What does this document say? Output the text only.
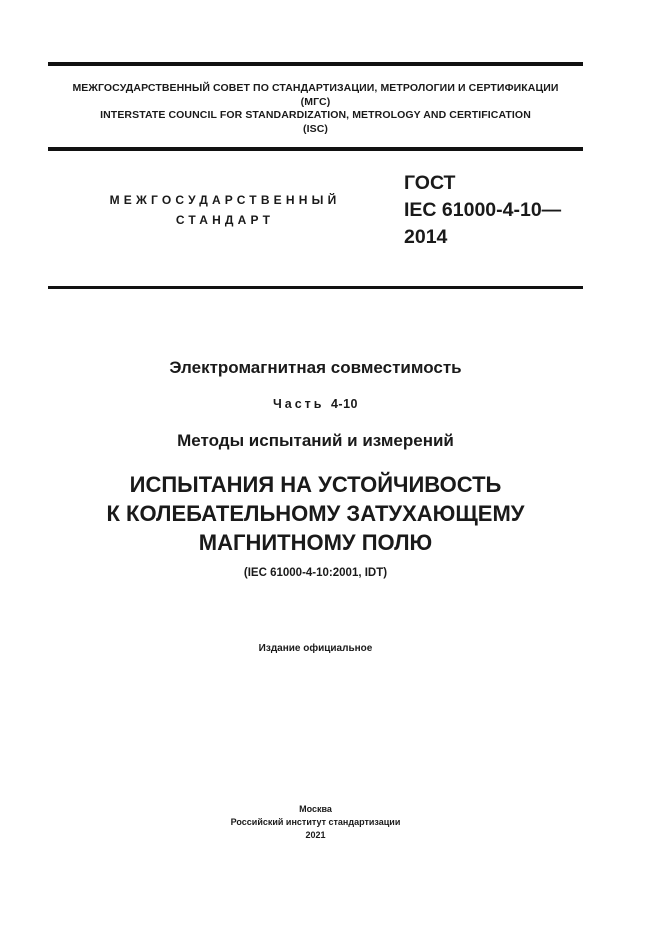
МЕЖГОСУДАРСТВЕННЫЙ СОВЕТ ПО СТАНДАРТИЗАЦИИ, МЕТРОЛОГИИ И СЕРТИФИКАЦИИ
(МГС)
INTERSTATE COUNCIL FOR STANDARDIZATION, METROLOGY AND CERTIFICATION
(ISC)
МЕЖГОСУДАРСТВЕННЫЙ
СТАНДАРТ
ГОСТ
IEC 61000-4-10—
2014
Электромагнитная совместимость
Часть 4-10
Методы испытаний и измерений
ИСПЫТАНИЯ НА УСТОЙЧИВОСТЬ
К КОЛЕБАТЕЛЬНОМУ ЗАТУХАЮЩЕМУ
МАГНИТНОМУ ПОЛЮ
(IEC 61000-4-10:2001, IDT)
Издание официальное
Москва
Российский институт стандартизации
2021
